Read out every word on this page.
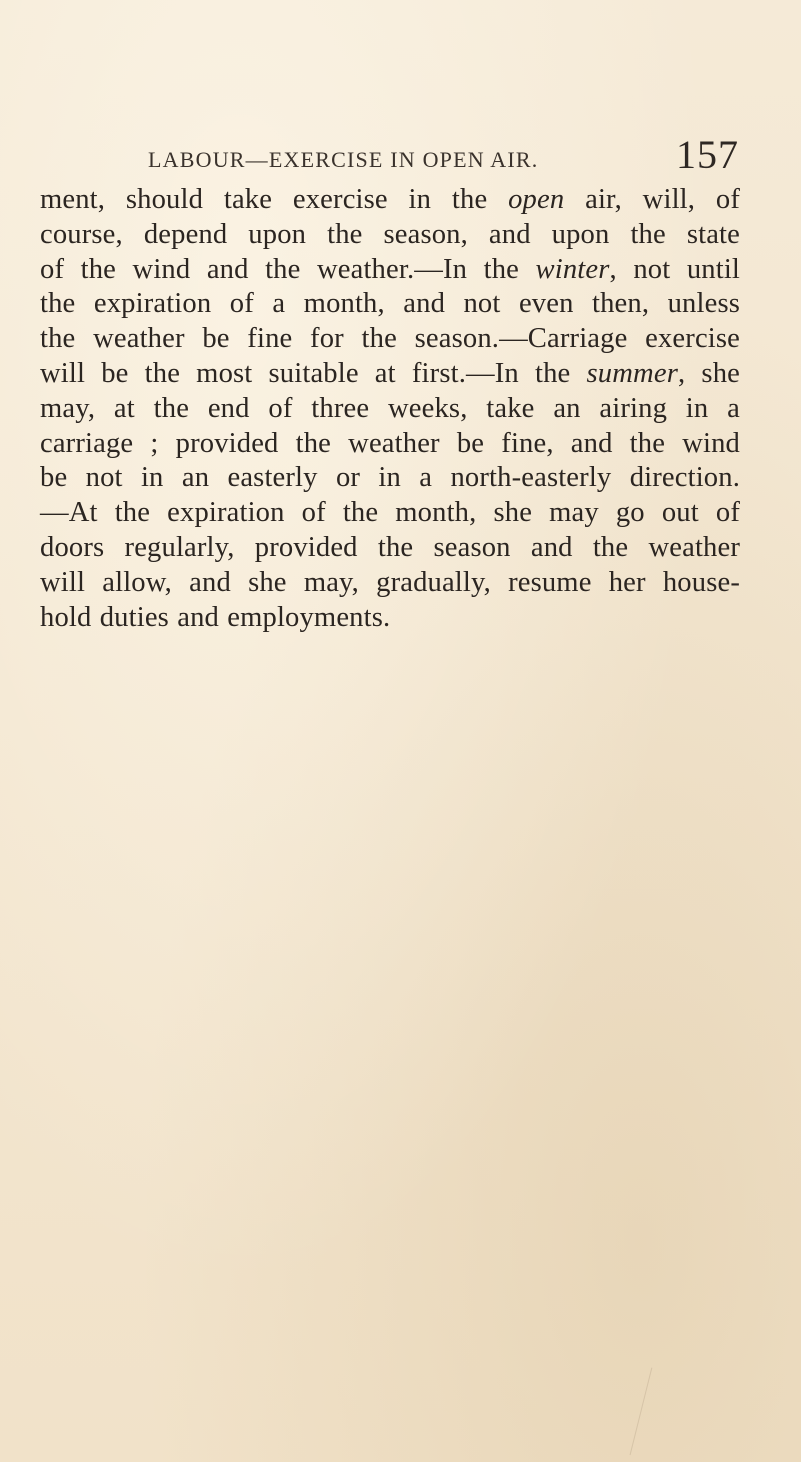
LABOUR—EXERCISE IN OPEN AIR.	157

ment, should take exercise in the open air, will, of
course, depend upon the season, and upon the state
of the wind and the weather.—In the winter, not until
the expiration of a month, and not even then, unless
the weather be fine for the season.—Carriage exercise
will be the most suitable at first.—In the summer, she
may, at the end of three weeks, take an airing in a
carriage ; provided the weather be fine, and the wind
be not in an easterly or in a north-easterly direction.
—At the expiration of the month, she may go out of
doors regularly, provided the season and the weather
will allow, and she may, gradually, resume her house-
hold duties and employments.
